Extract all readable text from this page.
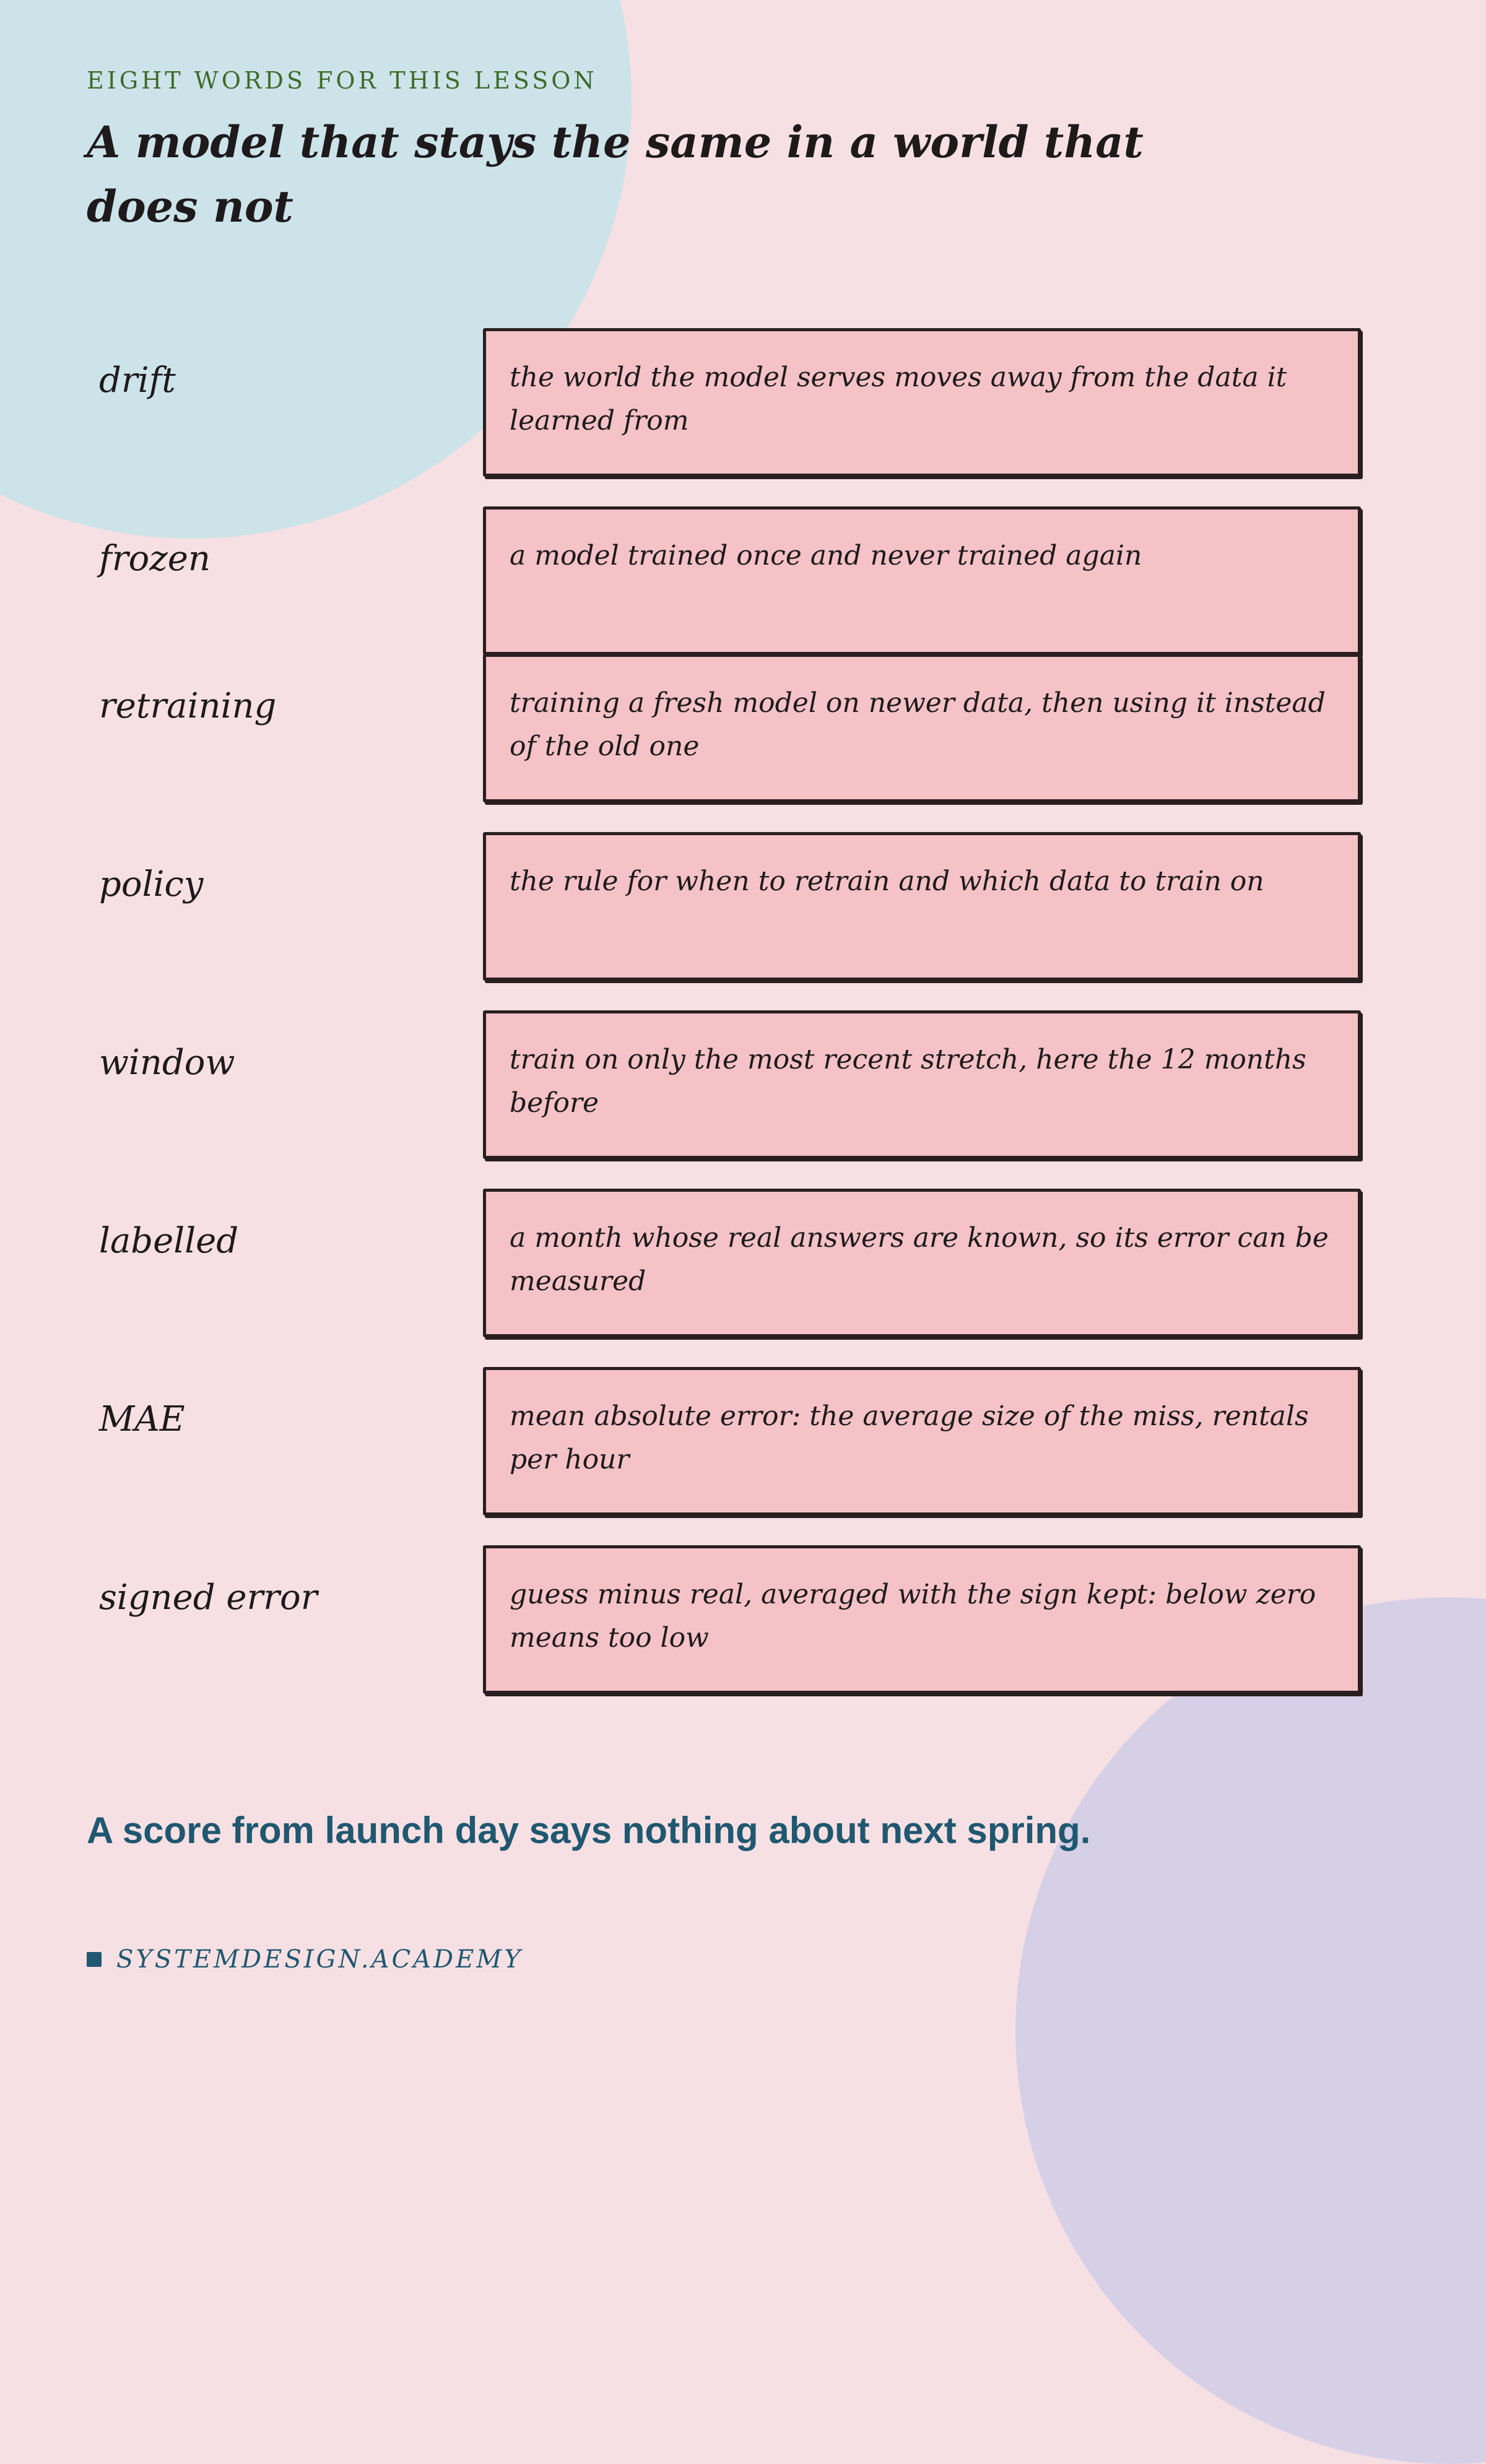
EIGHT WORDS FOR THIS LESSON
A model that stays the same in a world that does not
drift	the world the model serves moves away from the data it learned from
frozen	a model trained once and never trained again
retraining	training a fresh model on newer data, then using it instead of the old one
policy	the rule for when to retrain and which data to train on
window	train on only the most recent stretch, here the 12 months before
labelled	a month whose real answers are known, so its error can be measured
MAE	mean absolute error: the average size of the miss, rentals per hour
signed error	guess minus real, averaged with the sign kept: below zero means too low
A score from launch day says nothing about next spring.
SYSTEMDESIGN.ACADEMY
